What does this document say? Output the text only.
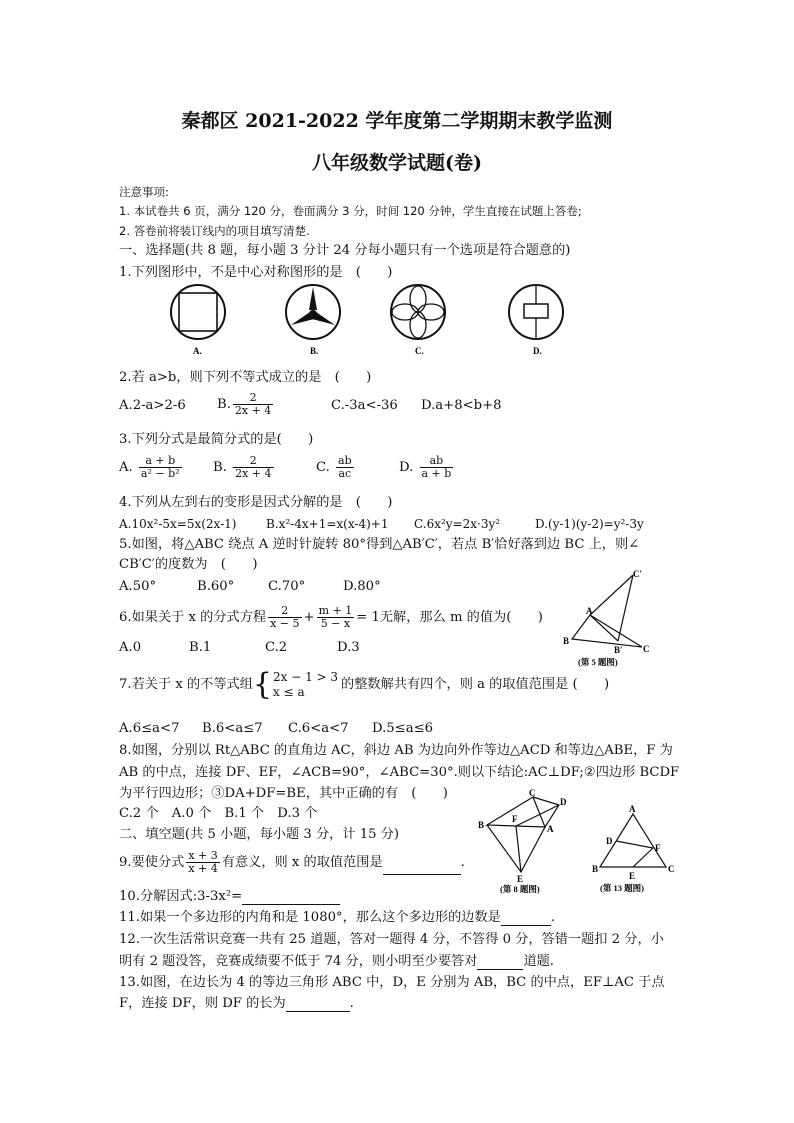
秦都区 2021-2022 学年度第二学期期末教学监测
八年级数学试题(卷)
注意事项:
1. 本试卷共 6 页，满分 120 分，卷面满分 3 分，时间 120 分钟，学生直接在试题上答卷;
2. 答卷前将装订线内的项目填写清楚.
一、选择题(共 8 题，每小题 3 分计 24 分每小题只有一个选项是符合题意的)
1.下列图形中，不是中心对称图形的是　(　　)
A.	B.	C.	D.
2.若 a>b，则下列不等式成立的是　(　　)
A.2-a>2-6 B. $\frac{2}{2x + 4}$	C.-3a<-36 D.a+8<b+8
3.下列分式是最简分式的是(　　)
A. $\frac{a + b}{\text{a² − b²}} B$. $\frac{2}{2x + 4}$	C. $\frac{ab}{ac}$	D. $\frac{ab}{a + b}$
4.下列从左到右的变形是因式分解的是　(　　)
A.10x²-5x=5x(2x-1) B.x²-4x+1=x(x-4)+1 C.6x²y=2x·3y²	D.(y-1)(y-2)=y²-3y
5.如图，将△ABC 绕点 A 逆时针旋转 80°得到△AB′C′，若点 B′恰好落到边 BC 上，则∠
CB′C′的度数为　(　　)
A.50°	B.60°	C.70°	D.80°
C′
A
B
B′ C
(第 5 题图)
6.如果关于 x 的分式方程 $\frac{2}{x - 5} + \frac{m + 1}{5 - x} = 1$无解，那么 m 的值为(　　)
A.0	B.1	C.2	D.3
7.若关于 x 的不等式组{ 2x − 1 > 3
x ≤ a	的整数解共有四个，则 a 的取值范围是 (　　)
A.6≤a<7 B.6<a≤7 C.6<a<7 D.5≤a≤6
8.如图，分别以 Rt△ABC 的直角边 AC，斜边 AB 为边向外作等边△ACD 和等边△ABE，F 为
AB 的中点，连接 DF、EF，∠ACB=90°，∠ABC=30°.则以下结论:AC⊥DF;②四边形 BCDF
为平行四边形；③DA+DF=BE，其中正确的有　(　　)
C.2 个　A.0 个　B.1 个　D.3 个
C
D
B
F
A
E
(第 8 题图)
A
D
F
B
E
C
(第 13 题图)
二、填空题(共 5 小题，每小题 3 分，计 15 分)
9.要使分式 $\frac{x + 3}{x + 4}$ 有意义，则 x 的取值范围是	.
10.分解因式:3-3x²=
11.如果一个多边形的内角和是 1080°，那么这个多边形的边数是	.
12.一次生活常识竞赛一共有 25 道题，答对一题得 4 分，不答得 0 分，答错一题扣 2 分，小
明有 2 题没答，竞赛成绩要不低于 74 分，则小明至少要答对	道题.
13.如图，在边长为 4 的等边三角形 ABC 中，D，E 分别为 AB，BC 的中点，EF⊥AC 于点
F，连接 DF，则 DF 的长为	.
